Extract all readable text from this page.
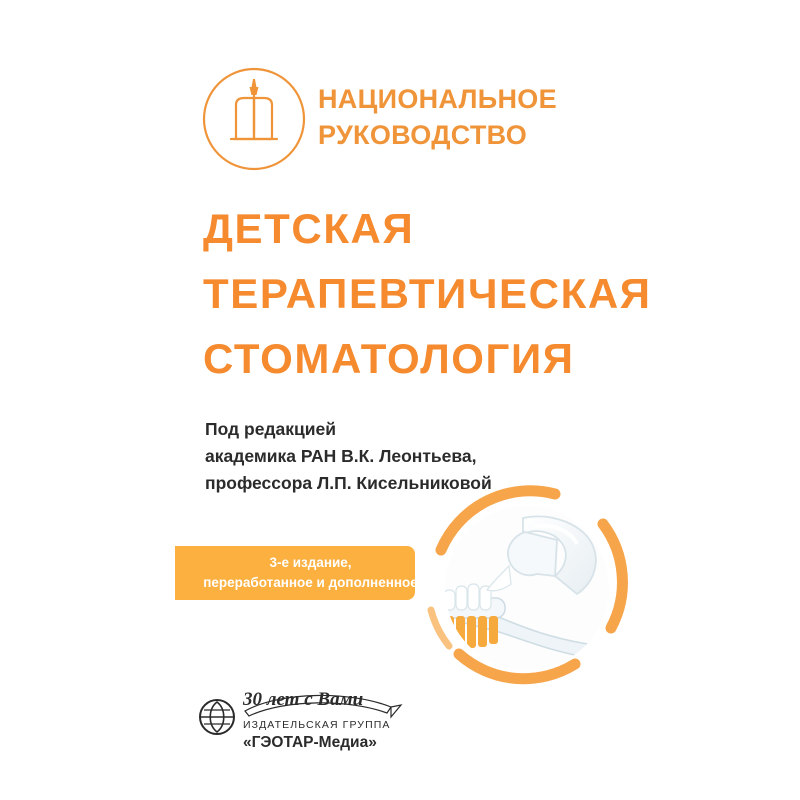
НАЦИОНАЛЬНОЕ
РУКОВОДСТВО
ДЕТСКАЯ
ТЕРАПЕВТИЧЕСКАЯ
СТОМАТОЛОГИЯ
Под редакцией
академика РАН В.К. Леонтьева,
профессора Л.П. Кисельниковой
3-е издание,
переработанное и дополненное
30 лет с Вами
ИЗДАТЕЛЬСКАЯ ГРУППА
«ГЭОТАР-Медиа»
